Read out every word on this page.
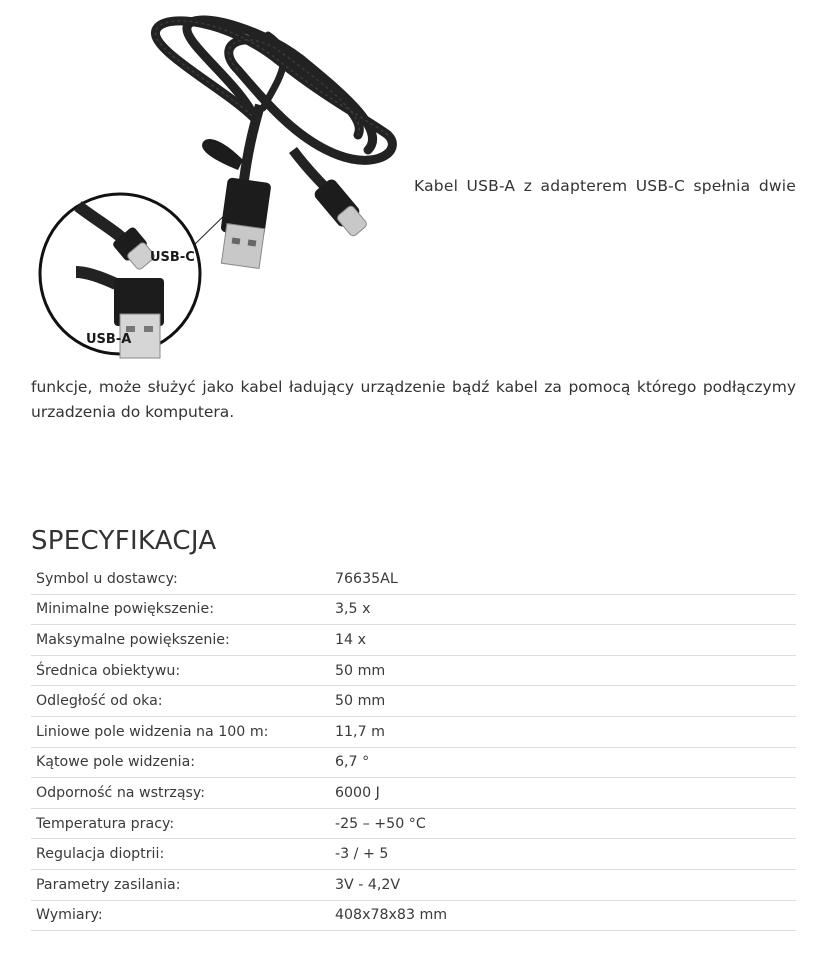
USB-C
USB-A
Kabel USB-A z adapterem USB-C spełnia dwie
funkcje, może służyć jako kabel ładujący urządzenie bądź kabel za pomocą którego podłączymy urzadzenia do komputera.
SPECYFIKACJA
Symbol u dostawcy:	76635AL
Minimalne powiększenie:	3,5 x
Maksymalne powiększenie:	14 x
Średnica obiektywu:	50 mm
Odległość od oka:	50 mm
Liniowe pole widzenia na 100 m:	11,7 m
Kątowe pole widzenia:	6,7 °
Odporność na wstrząsy:	6000 J
Temperatura pracy:	-25 – +50 °C
Regulacja dioptrii:	-3 / + 5
Parametry zasilania:	3V - 4,2V
Wymiary:	408x78x83 mm
